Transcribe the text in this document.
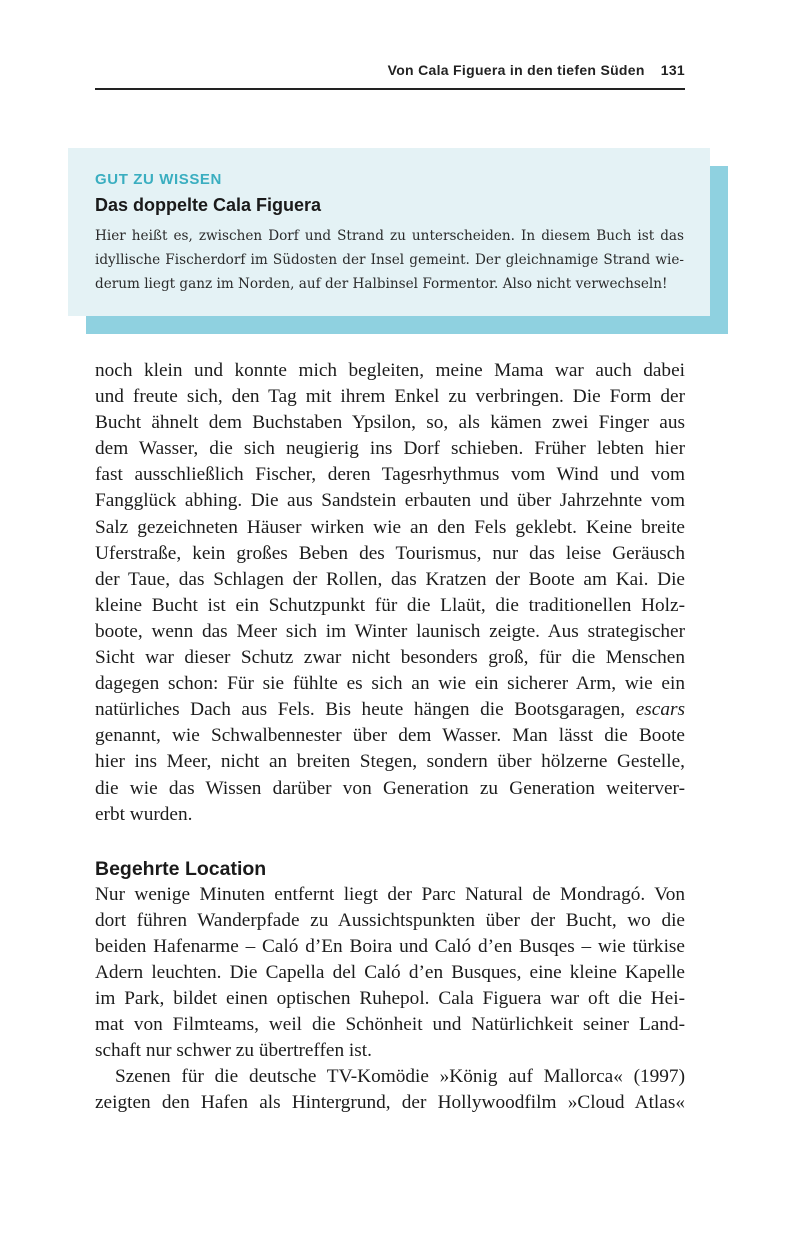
Von Cala Figuera in den tiefen Süden 131

GUT ZU WISSEN

Das doppelte Cala Figuera

Hier heißt es, zwischen Dorf und Strand zu unterscheiden. In diesem Buch ist das
idyllische Fischerdorf im Südosten der Insel gemeint. Der gleichnamige Strand wie-
derum liegt ganz im Norden, auf der Halbinsel Formentor. Also nicht verwechseln!

noch klein und konnte mich begleiten, meine Mama war auch dabei
und freute sich, den Tag mit ihrem Enkel zu verbringen. Die Form der
Bucht ähnelt dem Buchstaben Ypsilon, so, als kämen zwei Finger aus
dem Wasser, die sich neugierig ins Dorf schieben. Früher lebten hier
fast ausschließlich Fischer, deren Tagesrhythmus vom Wind und vom
Fangglück abhing. Die aus Sandstein erbauten und über Jahrzehnte vom
Salz gezeichneten Häuser wirken wie an den Fels geklebt. Keine breite
Uferstraße, kein großes Beben des Tourismus, nur das leise Geräusch
der Taue, das Schlagen der Rollen, das Kratzen der Boote am Kai. Die
kleine Bucht ist ein Schutzpunkt für die Llaüt, die traditionellen Holz-
boote, wenn das Meer sich im Winter launisch zeigte. Aus strategischer
Sicht war dieser Schutz zwar nicht besonders groß, für die Menschen
dagegen schon: Für sie fühlte es sich an wie ein sicherer Arm, wie ein
natürliches Dach aus Fels. Bis heute hängen die Bootsgaragen, escars
genannt, wie Schwalbennester über dem Wasser. Man lässt die Boote
hier ins Meer, nicht an breiten Stegen, sondern über hölzerne Gestelle,
die wie das Wissen darüber von Generation zu Generation weiterver-
erbt wurden.

Begehrte Location

Nur wenige Minuten entfernt liegt der Parc Natural de Mondragó. Von
dort führen Wanderpfade zu Aussichtspunkten über der Bucht, wo die
beiden Hafenarme – Caló d’En Boira und Caló d’en Busqes – wie türkise
Adern leuchten. Die Capella del Caló d’en Busques, eine kleine Kapelle
im Park, bildet einen optischen Ruhepol. Cala Figuera war oft die Hei-
mat von Filmteams, weil die Schönheit und Natürlichkeit seiner Land-
schaft nur schwer zu übertreffen ist.

Szenen für die deutsche TV-Komödie »König auf Mallorca« (1997)
zeigten den Hafen als Hintergrund, der Hollywoodfilm »Cloud Atlas«
